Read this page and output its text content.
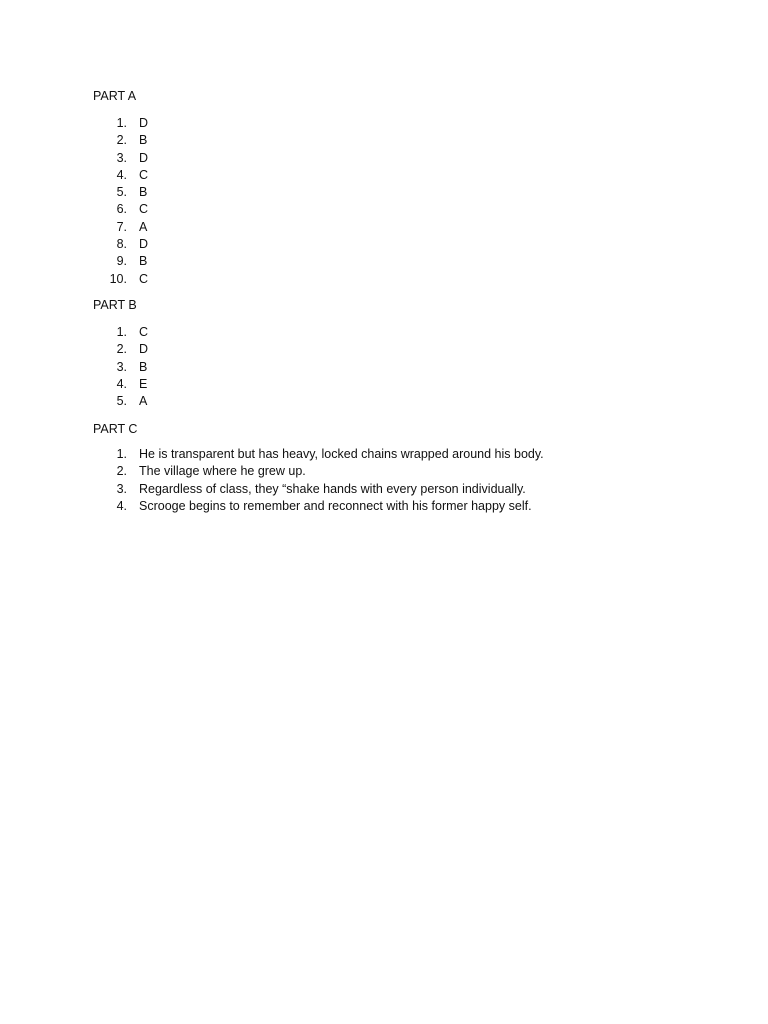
PART A
1. D
2. B
3. D
4. C
5. B
6. C
7. A
8. D
9. B
10. C
PART B
1. C
2. D
3. B
4. E
5. A
PART C
1. He is transparent but has heavy, locked chains wrapped around his body.
2. The village where he grew up.
3. Regardless of class, they “shake hands with every person individually.
4. Scrooge begins to remember and reconnect with his former happy self.
